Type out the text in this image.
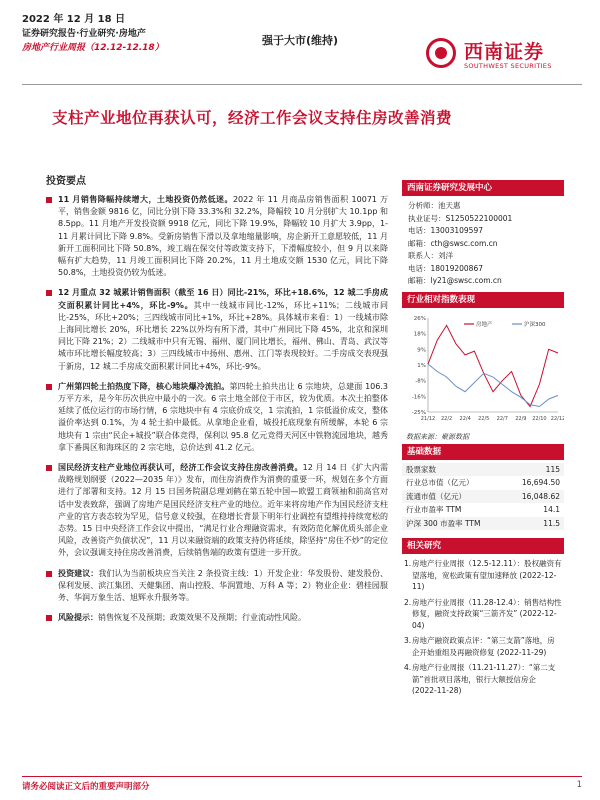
2022 年 12 月 18 日
证券研究报告·行业研究·房地产
房地产行业周报（12.12-12.18）
强于大市(维持)
西南证券
SOUTHWEST SECURITIES
支柱产业地位再获认可，经济工作会议支持住房改善消费
投资要点
11 月销售降幅持续增大，土地投资仍然低迷。2022 年 11 月商品房销售面积 10071 万平，销售金额 9816 亿，同比分别下降 33.3%和 32.2%，降幅较 10 月分别扩大 10.1pp 和 8.5pp。11 月地产开发投资额 9918 亿元，同比下降 19.9%，降幅较 10 月扩大 3.9pp，1-11 月累计同比下降 9.8%。受新房销售下滑以及拿地缩量影响，房企新开工意愿较低，11 月新开工面积同比下降 50.8%，竣工端在保交付等政策支持下，下滑幅度较小，但 9 月以来降幅有扩大趋势，11 月竣工面积同比下降 20.2%，11 月土地成交额 1530 亿元，同比下降 50.8%，土地投资仍较为低迷。
12 月重点 32 城累计销售面积（截至 16 日）同比-21%，环比+18.6%，12 城二手房成交面积累计同比+4%，环比-9%。其中一线城市同比-12%，环比+11%；二线城市同比-25%，环比+20%；三四线城市同比+1%，环比+28%。具体城市来看：1）一线城市除上海同比增长 20%，环比增长 22%以外均有所下滑，其中广州同比下降 45%，北京和深圳同比下降 21%；2）二线城市中只有无锡、福州、厦门同比增长，福州、佛山、青岛、武汉等城市环比增长幅度较高；3）三四线城市中扬州、惠州、江门等表现较好。二手房成交表现强于新房，12 城二手房成交面积累计同比+4%，环比-9%。
广州第四轮土拍热度下降，核心地块爆冷流拍。第四轮土拍共出让 6 宗地块，总建面 106.3 万平方米，是今年历次供应中最小的一次。6 宗土地全部位于市区，较为优质。本次土拍整体延续了低位运行的市场行情，6 宗地块中有 4 宗底价成交，1 宗流拍，1 宗低溢价成交，整体溢价率达到 0.1%，为 4 轮土拍中最低。从拿地企业看，城投托底现象有所缓解，本轮 6 宗地块有 1 宗由“民企+城投”联合体竞得，保利以 95.8 亿元竞得天河区中铁物流园地块，越秀拿下番禺区和海珠区的 2 宗宅地，总价达到 41.2 亿元。
国民经济支柱产业地位再获认可，经济工作会议支持住房改善消费。12 月 14 日《扩大内需战略规划纲要（2022—2035 年）》发布，而住房消费作为消费的重要一环，规划在多个方面进行了部署和支持。12 月 15 日国务院副总理刘鹤在第五轮中国—欧盟工商领袖和前高官对话中发表致辞，强调了房地产是国民经济支柱产业的地位。近年来将房地产作为国民经济支柱产业的官方表态较为罕见，信号意义较强，在稳增长背景下明年行业调控有望维持持续宽松的态势。15 日中央经济工作会议中提出，“满足行业合理融资需求，有效防范化解优质头部企业风险，改善资产负债状况”，11 月以来融资端的政策支持仍将延续，除坚持“房住不炒”的定位外，会议强调支持住房改善消费，后续销售端的政策有望进一步开放。
投资建议：我们认为当前板块应当关注 2 条投资主线：1）开发企业：华发股份、建发股份、保利发展、滨江集团、天健集团、南山控股、华润置地、万科 A 等；2）物业企业：碧桂园服务、华润万象生活、旭辉永升服务等。
风险提示：销售恢复不及预期；政策效果不及预期；行业流动性风险。
西南证券研究发展中心
分析师：池天惠
执业证号：S1250522100001
电话：13003109597
邮箱：cth@swsc.com.cn
联系人：刘洋
电话：18019200867
邮箱：ly21@swsc.com.cn
行业相对指数表现
26%
18%
9%
1%
-8%
-16%
-25%
21/12 22/2 22/4 22/5 22/7 22/9 22/10 22/12
房地产	沪深300
数据来源：聚源数据
基础数据
股票家数	115
行业总市值（亿元）	16,694.50
流通市值（亿元）	16,048.62
行业市盈率 TTM	14.1
沪深 300 市盈率 TTM	11.5
相关研究
1. 房地产行业周报（12.5-12.11）：股权融资有望落地，宽松政策有望加速释放 (2022-12-11)
2. 房地产行业周报（11.28-12.4）：销售结构性修复，融资支持政策“三箭齐发” (2022-12-04)
3. 房地产融资政策点评：“第三支箭”落地，房企开始重组及再融资修复 (2022-11-29)
4. 房地产行业周报（11.21-11.27）：“第二支箭”首批项目落地，银行大额授信房企 (2022-11-28)
请务必阅读正文后的重要声明部分	1
